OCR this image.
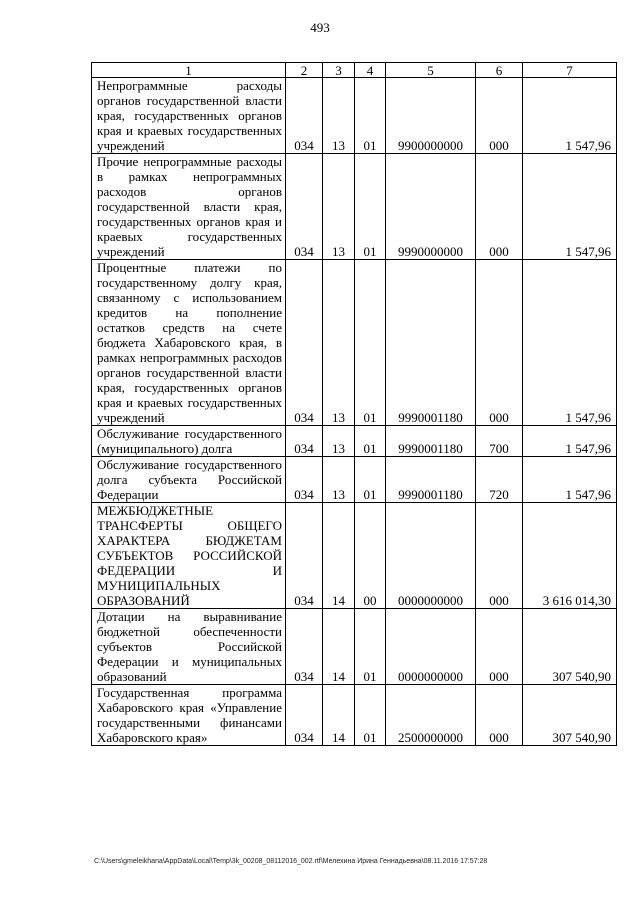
493
1	2	3	4	5	6	7
Непрограммные расходы органов государственной власти края, государственных органов края и краевых государственных учреждений	034	13	01	9900000000	000	1 547,96
Прочие непрограммные расходы в рамках непрограммных расходов органов государственной власти края, государственных органов края и краевых государственных учреждений	034	13	01	9990000000	000	1 547,96
Процентные платежи по государственному долгу края, связанному с использованием кредитов на пополнение остатков средств на счете бюджета Хабаровского края, в рамках непрограммных расходов органов государственной власти края, государственных органов края и краевых государственных учреждений	034	13	01	9990001180	000	1 547,96
Обслуживание государственного (муниципального) долга	034	13	01	9990001180	700	1 547,96
Обслуживание государственного долга субъекта Российской Федерации	034	13	01	9990001180	720	1 547,96
МЕЖБЮДЖЕТНЫЕ ТРАНСФЕРТЫ ОБЩЕГО ХАРАКТЕРА БЮДЖЕТАМ СУБЪЕКТОВ РОССИЙСКОЙ ФЕДЕРАЦИИ И МУНИЦИПАЛЬНЫХ ОБРАЗОВАНИЙ	034	14	00	0000000000	000	3 616 014,30
Дотации на выравнивание бюджетной обеспеченности субъектов Российской Федерации и муниципальных образований	034	14	01	0000000000	000	307 540,90
Государственная программа Хабаровского края «Управление государственными финансами Хабаровского края»	034	14	01	2500000000	000	307 540,90
C:\Users\gmeleikhana\AppData\Local\Temp\3k_00208_08112016_002.rtf\Мелехина Ирина Геннадьевна\08.11.2016 17:57:28
